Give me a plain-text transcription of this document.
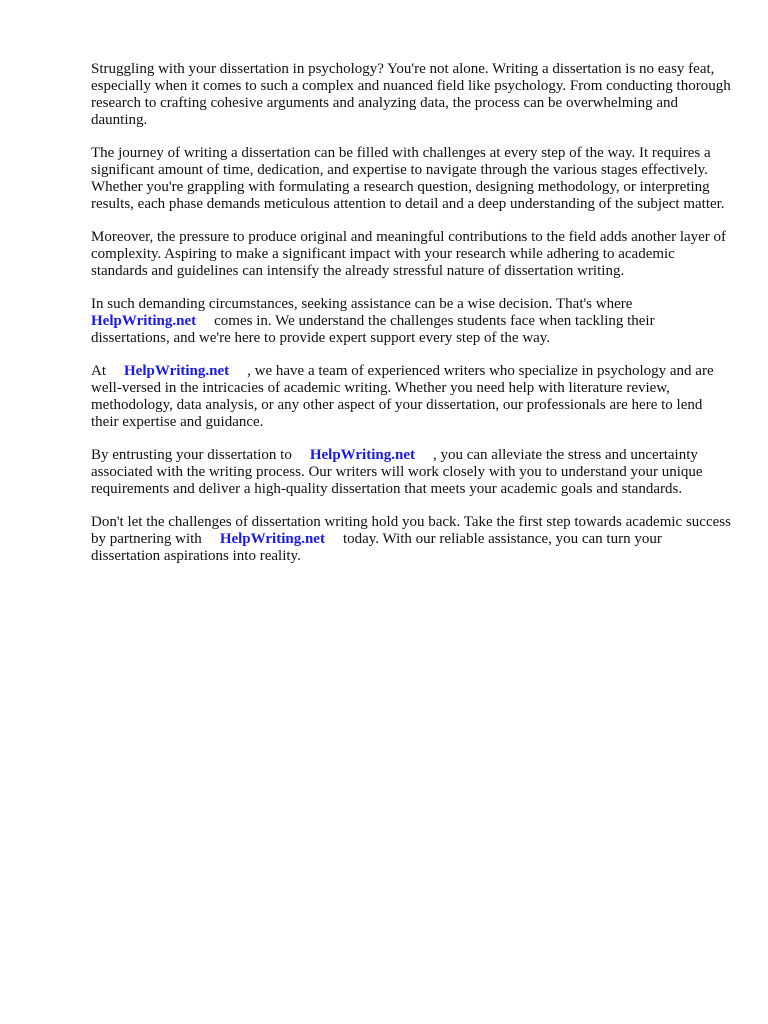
Struggling with your dissertation in psychology? You're not alone. Writing a dissertation is no easy feat, especially when it comes to such a complex and nuanced field like psychology. From conducting thorough research to crafting cohesive arguments and analyzing data, the process can be overwhelming and daunting.

The journey of writing a dissertation can be filled with challenges at every step of the way. It requires a significant amount of time, dedication, and expertise to navigate through the various stages effectively. Whether you're grappling with formulating a research question, designing methodology, or interpreting results, each phase demands meticulous attention to detail and a deep understanding of the subject matter.

Moreover, the pressure to produce original and meaningful contributions to the field adds another layer of complexity. Aspiring to make a significant impact with your research while adhering to academic standards and guidelines can intensify the already stressful nature of dissertation writing.

In such demanding circumstances, seeking assistance can be a wise decision. That's where
HelpWriting.net comes in. We understand the challenges students face when tackling their dissertations, and we're here to provide expert support every step of the way.

At HelpWriting.net , we have a team of experienced writers who specialize in psychology and are well-versed in the intricacies of academic writing. Whether you need help with literature review, methodology, data analysis, or any other aspect of your dissertation, our professionals are here to lend their expertise and guidance.

By entrusting your dissertation to HelpWriting.net , you can alleviate the stress and uncertainty associated with the writing process. Our writers will work closely with you to understand your unique requirements and deliver a high-quality dissertation that meets your academic goals and standards.

Don't let the challenges of dissertation writing hold you back. Take the first step towards academic success by partnering with HelpWriting.net today. With our reliable assistance, you can turn your dissertation aspirations into reality.
